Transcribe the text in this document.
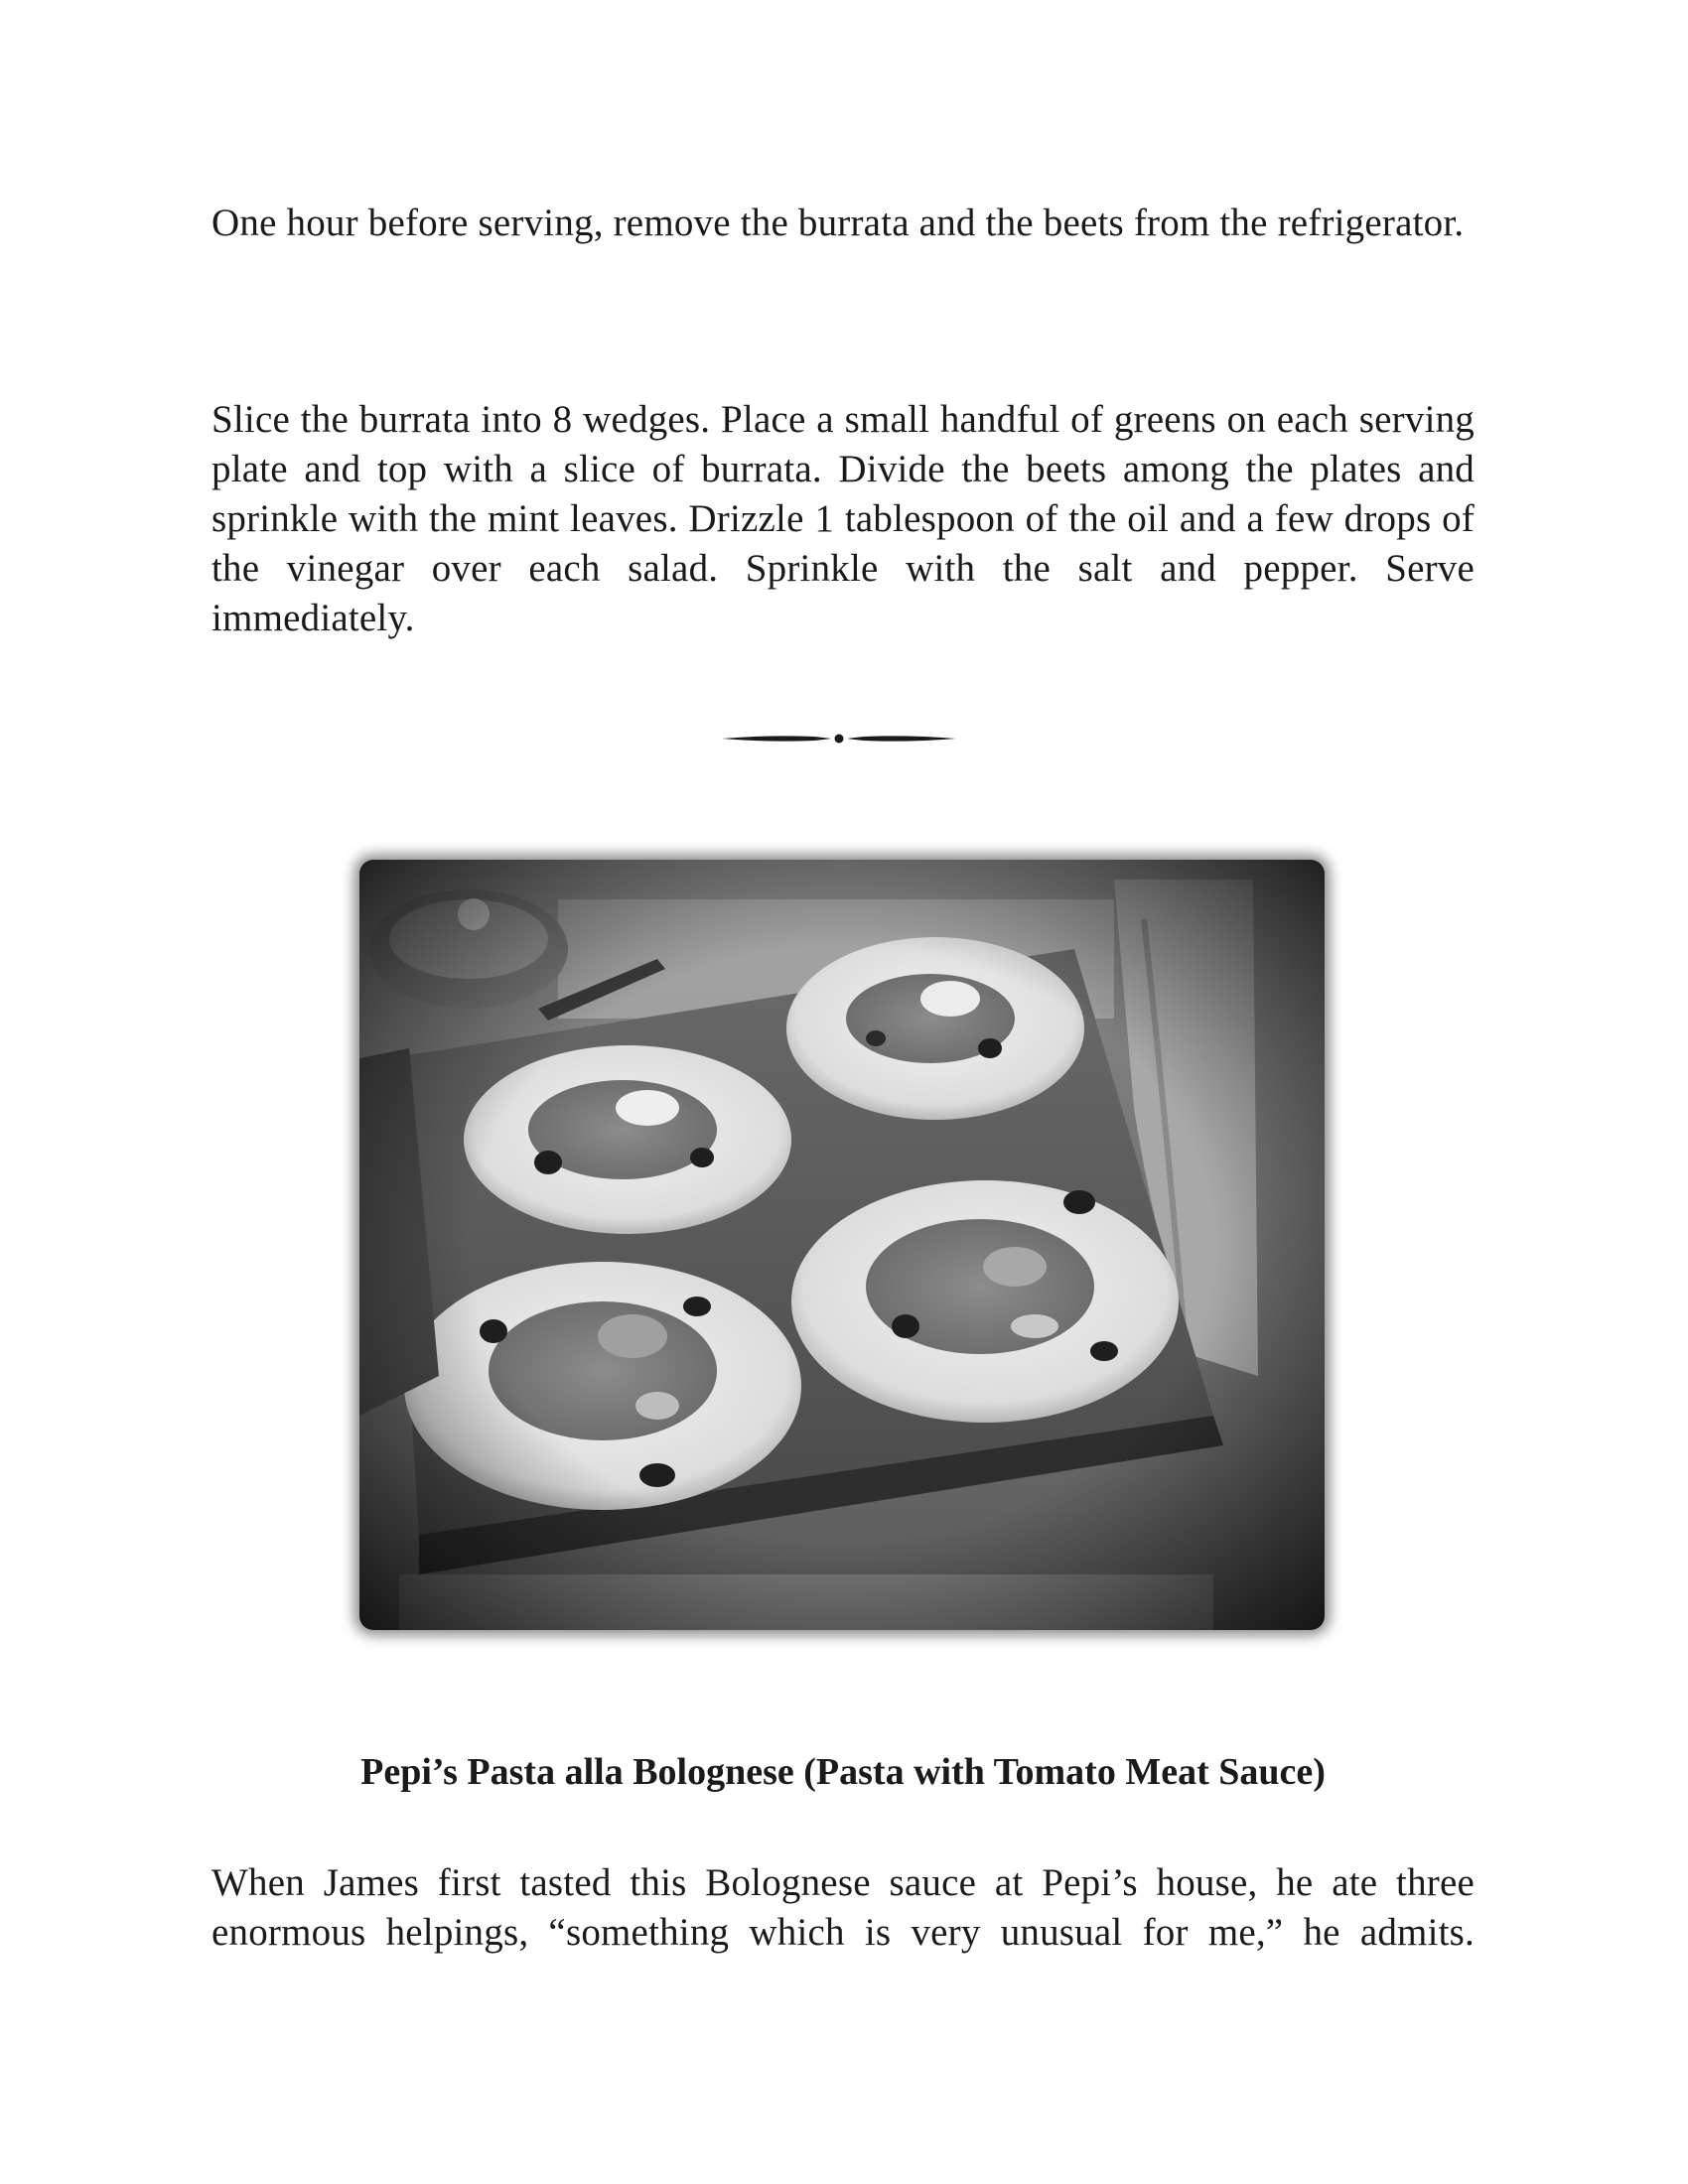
One hour before serving, remove the burrata and the beets from the refrigerator.

Slice the burrata into 8 wedges. Place a small handful of greens on each serving plate and top with a slice of burrata. Divide the beets among the plates and sprinkle with the mint leaves. Drizzle 1 tablespoon of the oil and a few drops of the vinegar over each salad. Sprinkle with the salt and pepper. Serve immediately.

Pepi’s Pasta alla Bolognese (Pasta with Tomato Meat Sauce)

When James first tasted this Bolognese sauce at Pepi’s house, he ate three enormous helpings, “something which is very unusual for me,” he admits.
